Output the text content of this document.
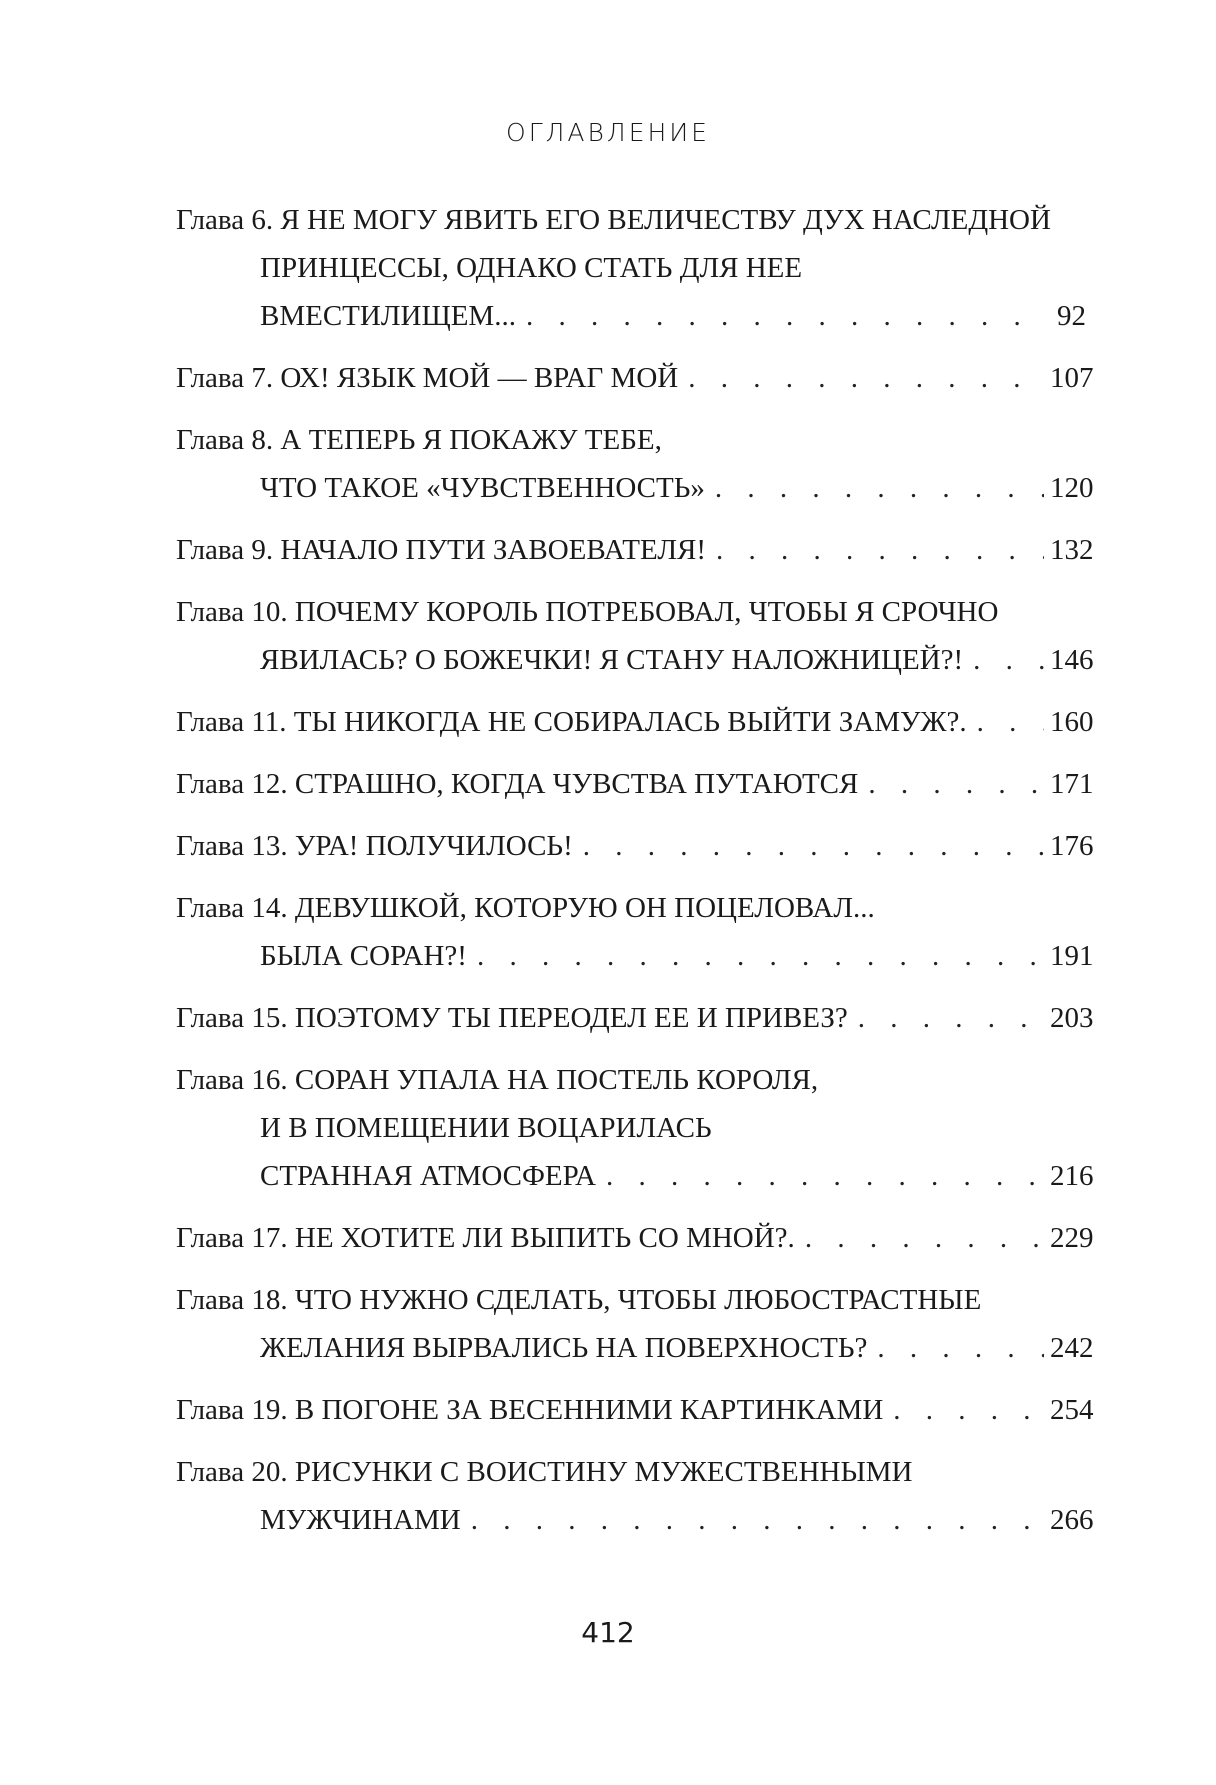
ОГЛАВЛЕНИЕ
Глава 6. Я НЕ МОГУ ЯВИТЬ ЕГО ВЕЛИЧЕСТВУ ДУХ НАСЛЕДНОЙ
ПРИНЦЕССЫ, ОДНАКО СТАТЬ ДЛЯ НЕЕ
ВМЕСТИЛИЩЕМ... . . .	92
Глава 7. ОХ! ЯЗЫК МОЙ — ВРАГ МОЙ . . .	107
Глава 8. А ТЕПЕРЬ Я ПОКАЖУ ТЕБЕ,
ЧТО ТАКОЕ «ЧУВСТВЕННОСТЬ» . . .	120
Глава 9. НАЧАЛО ПУТИ ЗАВОЕВАТЕЛЯ! . . .	132
Глава 10. ПОЧЕМУ КОРОЛЬ ПОТРЕБОВАЛ, ЧТОБЫ Я СРОЧНО
ЯВИЛАСЬ? О БОЖЕЧКИ! Я СТАНУ НАЛОЖНИЦЕЙ?! . . .	146
Глава 11. ТЫ НИКОГДА НЕ СОБИРАЛАСЬ ВЫЙТИ ЗАМУЖ?. . . .	160
Глава 12. СТРАШНО, КОГДА ЧУВСТВА ПУТАЮТСЯ . . .	171
Глава 13. УРА! ПОЛУЧИЛОСЬ! . . .	176
Глава 14. ДЕВУШКОЙ, КОТОРУЮ ОН ПОЦЕЛОВАЛ...
БЫЛА СОРАН?! . . .	191
Глава 15. ПОЭТОМУ ТЫ ПЕРЕОДЕЛ ЕЕ И ПРИВЕЗ? . . .	203
Глава 16. СОРАН УПАЛА НА ПОСТЕЛЬ КОРОЛЯ,
И В ПОМЕЩЕНИИ ВОЦАРИЛАСЬ
СТРАННАЯ АТМОСФЕРА . . .	216
Глава 17. НЕ ХОТИТЕ ЛИ ВЫПИТЬ СО МНОЙ?. . . .	229
Глава 18. ЧТО НУЖНО СДЕЛАТЬ, ЧТОБЫ ЛЮБОСТРАСТНЫЕ
ЖЕЛАНИЯ ВЫРВАЛИСЬ НА ПОВЕРХНОСТЬ? . . .	242
Глава 19. В ПОГОНЕ ЗА ВЕСЕННИМИ КАРТИНКАМИ . . .	254
Глава 20. РИСУНКИ С ВОИСТИНУ МУЖЕСТВЕННЫМИ
МУЖЧИНАМИ . . .	266
412
